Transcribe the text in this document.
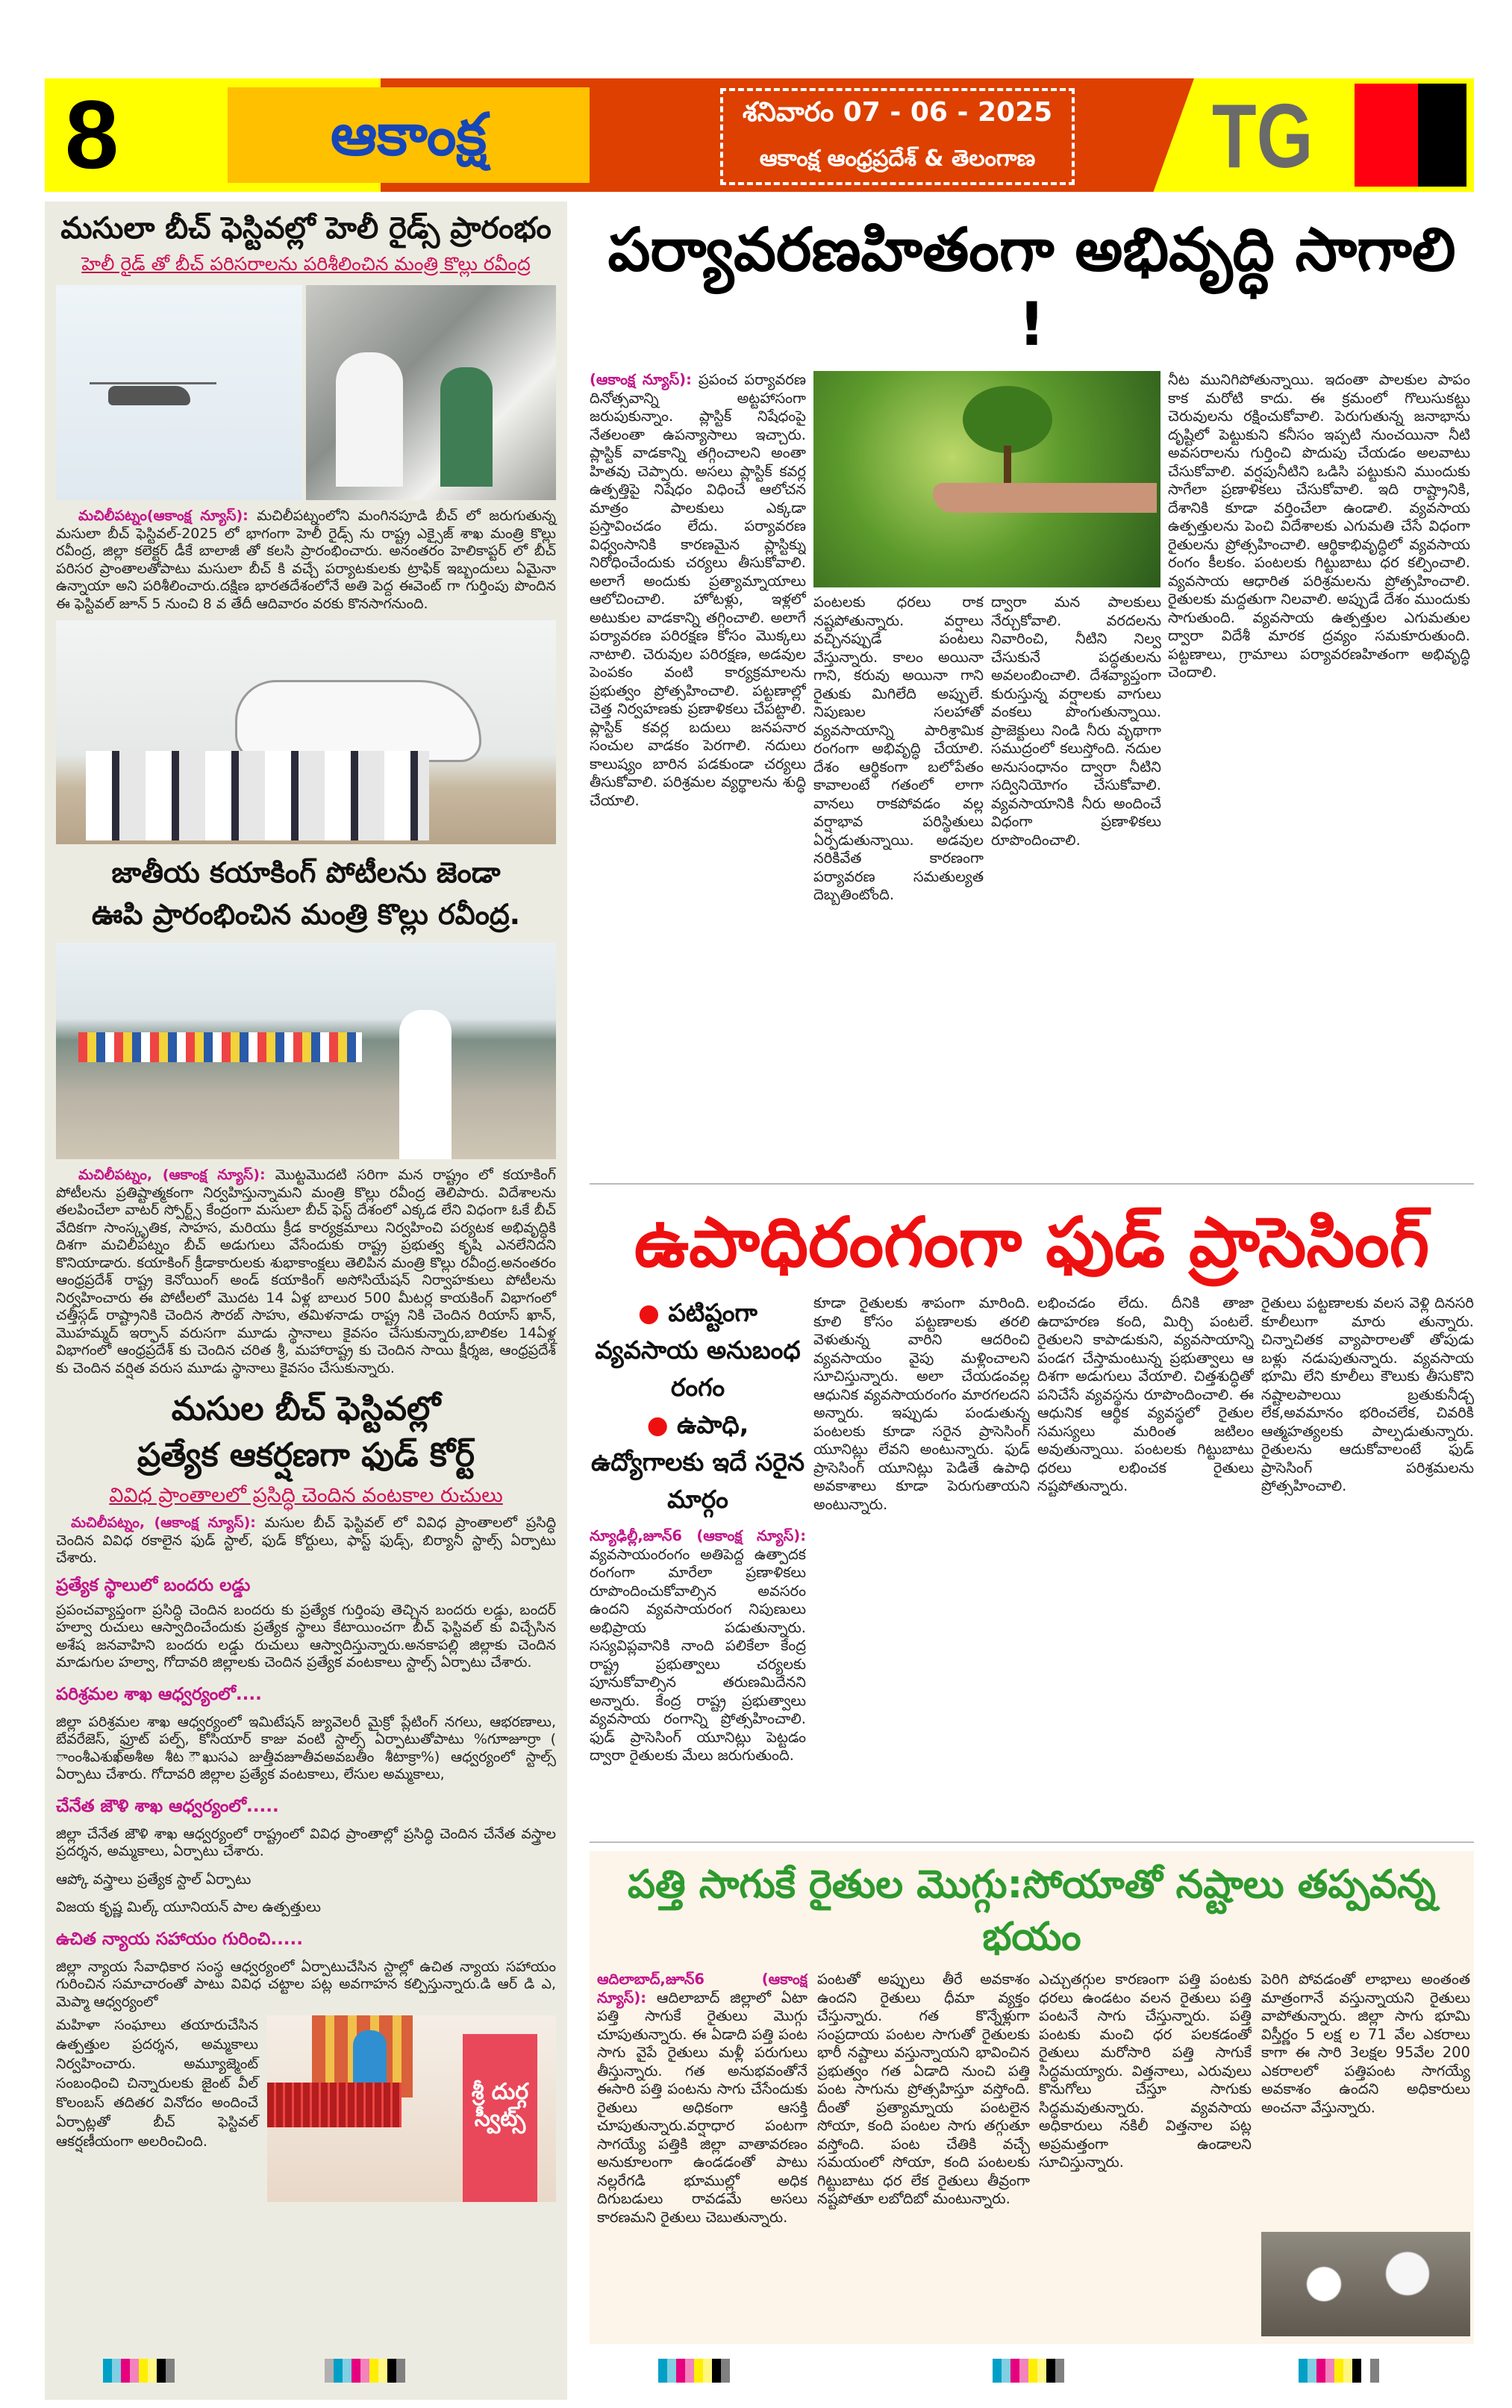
8	ఆకాంక్ష	శనివారం 07 - 06 - 2025
ఆకాంక్ష ఆంధ్రప్రదేశ్ & తెలంగాణ	TG
మసులా బీచ్ ఫెస్టివల్లో హెలీ రైడ్స్ ప్రారంభం
హెలీ రైడ్ తో బీచ్ పరిసరాలను పరిశీలించిన మంత్రి కొల్లు రవీంద్ర

మచిలీపట్నం(ఆకాంక్ష న్యూస్): మచిలీపట్నంలోని మంగినపూడి బీచ్ లో జరుగుతున్న మసులా బీచ్ ఫెస్టివల్-2025 లో భాగంగా హెలీ రైడ్స్ ను రాష్ట్ర ఎక్సైజ్ శాఖ మంత్రి కొల్లు రవీంద్ర, జిల్లా కలెక్టర్ డీకే బాలాజీ తో కలసి ప్రారంభించారు. అనంతరం హెలికాప్టర్ లో బీచ్ పరిసర ప్రాంతాలతోపాటు మసులా బీచ్ కి వచ్చే పర్యాటకులకు ట్రాఫిక్ ఇబ్బందులు ఏమైనా ఉన్నాయా అని పరిశీలించారు.దక్షిణ భారతదేశంలోనే అతి పెద్ద ఈవెంట్ గా గుర్తింపు పొందిన ఈ ఫెస్టివల్ జూన్ 5 నుంచి 8 వ తేదీ ఆదివారం వరకు కొనసాగనుంది.

జాతీయ కయాకింగ్ పోటీలను జెండా
ఊపి ప్రారంభించిన మంత్రి కొల్లు రవీంద్ర.

మచిలీపట్నం, (ఆకాంక్ష న్యూస్): మొట్టమొదటి సరిగా మన రాష్ట్రం లో కయాకింగ్ పోటీలను ప్రతిష్టాత్మకంగా నిర్వహిస్తున్నామని మంత్రి కొల్లు రవీంద్ర తెలిపారు. విదేశాలను తలపించేలా వాటర్ స్పోర్ట్స్ కేంద్రంగా మసులా బీచ్ ఫెస్ట్ దేశంలో ఎక్కడ లేని విధంగా ఓకే బీచ్ వేదికగా సాంస్కృతిక, సాహస, మరియు క్రీడ కార్యక్రమాలు నిర్వహించి పర్యటక అభివృద్ధికి దిశగా మచిలీపట్నం బీచ్ అడుగులు వేసేందుకు రాష్ట్ర ప్రభుత్వ కృషి ఎనలేనిదని కొనియాడారు. కయాకింగ్ క్రీడాకారులకు శుభాకాంక్షలు తెలిపిన మంత్రి కొల్లు రవీంద్ర.అనంతరం ఆంధ్రప్రదేశ్ రాష్ట్ర కెనోయింగ్ అండ్ కయాకింగ్ అసోసియేషన్ నిర్వాహకులు పోటీలను నిర్వహించారు ఈ పోటీలలో మొదట 14 ఏళ్ల బాలుర 500 మీటర్ల కాయకింగ్ విభాగంలో చత్తీస్గడ్ రాష్ట్రానికి చెందిన సౌరబ్ సాహు, తమిళనాడు రాష్ట్ర నికి చెందిన రియాస్ ఖాన్, మొహమ్మద్ ఇర్ఫాన్ వరుసగా మూడు స్థానాలు కైవసం చేసుకున్నారు,బాలికల 14ఏళ్ల విభాగంలో ఆంధ్రప్రదేశ్ కు చెందిన చరిత శ్రీ, మహారాష్ట్ర కు చెందిన సాయి క్షీర్శజ, ఆంధ్రప్రదేశ్ కు చెందిన వర్షిత వరుస మూడు స్థానాలు కైవసం చేసుకున్నారు.

మసుల బీచ్ ఫెస్టివల్లో
ప్రత్యేక ఆకర్షణగా ఫుడ్ కోర్ట్
వివిధ ప్రాంతాలలో ప్రసిద్ధి చెందిన వంటకాల రుచులు

మచిలీపట్నం, (ఆకాంక్ష న్యూస్): మసుల బీచ్ ఫెస్టివల్ లో వివిధ ప్రాంతాలలో ప్రసిద్ధి చెందిన వివిధ రకాలైన ఫుడ్ స్టాల్, ఫుడ్ కోర్టులు, ఫాస్ట్ ఫుడ్స్, బిర్యానీ స్టాల్స్ ఏర్పాటు చేశారు.

ప్రత్యేక స్థాలులో బందరు లడ్డు

ప్రపంచవ్యాప్తంగా ప్రసిద్ధి చెందిన బందరు కు ప్రత్యేక గుర్తింపు తెచ్చిన బందరు లడ్డు, బందర్ హల్వా రుచులు ఆస్వాదించేందుకు ప్రత్యేక స్థాలు కేటాయించగా బీచ్ ఫెస్టివల్ కు విచ్చేసిన అశేష జనవాహిని బందరు లడ్డు రుచులు ఆస్వాదిస్తున్నారు.అనకాపల్లి జిల్లాకు చెందిన మాడుగుల హల్వా, గోదావరి జిల్లాలకు చెందిన ప్రత్యేక వంటకాలు స్టాల్స్ ఏర్పాటు చేశారు.

పరిశ్రమల శాఖ ఆధ్వర్యంలో....

జిల్లా పరిశ్రమల శాఖ ఆధ్వర్యంలో ఇమిటేషన్ జ్యువెలరీ మైక్రో ప్లేటింగ్ నగలు, ఆభరణాలు, బేవరేజెస్, ఫ్రూట్ పల్ప్, కోసియార్ కాజు వంటి స్టాల్స్ ఏర్పాటుతోపాటు %గూాజూర్రా ( ాంంశీఎశుఖ్అశీఅ శీట ౌఖుసఎ జుత్తీవజూతీవఅవబతీం శీటాక్రా%) ఆధ్వర్యంలో స్టాల్స్ ఏర్పాటు చేశారు. గోదావరి జిల్లాల ప్రత్యేక వంటకాలు, లేసుల అమ్మకాలు,

చేనేత జౌళి శాఖ ఆధ్వర్యంలో.....

జిల్లా చేనేత జౌళి శాఖ ఆధ్వర్యంలో రాష్ట్రంలో వివిధ ప్రాంతాల్లో ప్రసిద్ధి చెందిన చేనేత వస్త్రాల ప్రదర్శన, అమ్మకాలు, ఏర్పాటు చేశారు.

ఆప్కో వస్త్రాలు ప్రత్యేక స్టాల్ ఏర్పాటు

విజయ కృష్ణ మిల్క్ యూనియన్ పాల ఉత్పత్తులు

ఉచిత న్యాయ సహాయం గురించి.....

జిల్లా న్యాయ సేవాధికార సంస్థ ఆధ్వర్యంలో ఏర్పాటుచేసిన స్టాల్లో ఉచిత న్యాయ సహాయం గురించిన సమాచారంతో పాటు వివిధ చట్టాల పట్ల అవగాహన కల్పిస్తున్నారు.డి ఆర్ డి ఎ, మెప్మా ఆధ్వర్యంలో

శ్రీ దుర్గ స్వీట్స్

మహిళా సంఘాలు తయారుచేసిన ఉత్పత్తుల ప్రదర్శన, అమ్మకాలు నిర్వహించారు. అమ్యూజ్మెంట్ సంబంధించి చిన్నారులకు జైంట్ వీల్ కొలంబస్ తదితర వినోదం అందించే ఏర్పాట్లతో బీచ్ ఫెస్టివల్ ఆకర్షణీయంగా అలరించింది.

పర్యావరణహితంగా అభివృద్ధి సాగాలి !
(ఆకాంక్ష న్యూస్): ప్రపంచ పర్యావరణ దినోత్సవాన్ని అట్టహాసంగా జరుపుకున్నాం. ప్లాస్టిక్ నిషేధంపై నేతలంతా ఉపన్యాసాలు ఇచ్చారు. ప్లాస్టిక్ వాడకాన్ని తగ్గించాలని అంతా హితవు చెప్పారు. అసలు ప్లాస్టిక్ కవర్ల ఉత్పత్తిపై నిషేధం విధించే ఆలోచన మాత్రం పాలకులు ఎక్కడా ప్రస్తావించడం లేదు. పర్యావరణ విధ్వంసానికి కారణమైన ప్లాస్టిక్ను నిరోధించేందుకు చర్యలు తీసుకోవాలి. అలాగే అందుకు ప్రత్యామ్నాయాలు ఆలోచించాలి. హోటళ్లు, ఇళ్లలో అటుకుల వాడకాన్ని తగ్గించాలి. అలాగే పర్యావరణ పరిరక్షణ కోసం మొక్కలు నాటాలి. చెరువుల పరిరక్షణ, అడవుల పెంపకం వంటి కార్యక్రమాలను ప్రభుత్వం ప్రోత్సహించాలి. పట్టణాల్లో చెత్త నిర్వహణకు ప్రణాళికలు చేపట్టాలి. ప్లాస్టిక్ కవర్ల బదులు జనపనార సంచుల వాడకం పెరగాలి. నదులు కాలుష్యం బారిన పడకుండా చర్యలు తీసుకోవాలి. పరిశ్రమల వ్యర్థాలను శుద్ధి చేయాలి.
పంటలకు ధరలు రాక నష్టపోతున్నారు. వర్షాలు వచ్చినప్పుడే పంటలు వేస్తున్నారు. కాలం అయినా గాని, కరువు అయినా గాని రైతుకు మిగిలేది అప్పులే. నిపుణుల సలహాతో వ్యవసాయాన్ని పారిశ్రామిక రంగంగా అభివృద్ధి చేయాలి. దేశం ఆర్థికంగా బలోపేతం కావాలంటే గతంలో లాగా వానలు రాకపోవడం వల్ల వర్షాభావ పరిస్థితులు ఏర్పడుతున్నాయి. అడవుల నరికివేత కారణంగా పర్యావరణ సమతుల్యత దెబ్బతింటోంది.
ద్వారా మన పాలకులు నేర్చుకోవాలి. వరదలను నివారించి, నీటిని నిల్వ చేసుకునే పద్ధతులను అవలంబించాలి. దేశవ్యాప్తంగా కురుస్తున్న వర్షాలకు వాగులు వంకలు పొంగుతున్నాయి. ప్రాజెక్టులు నిండి నీరు వృథాగా సముద్రంలో కలుస్తోంది. నదుల అనుసంధానం ద్వారా నీటిని సద్వినియోగం చేసుకోవాలి. వ్యవసాయానికి నీరు అందించే విధంగా ప్రణాళికలు రూపొందించాలి.
నీట మునిగిపోతున్నాయి. ఇదంతా పాలకుల పాపం కాక మరోటి కాదు. ఈ క్రమంలో గొలుసుకట్టు చెరువులను రక్షించుకోవాలి. పెరుగుతున్న జనాభాను దృష్టిలో పెట్టుకుని కనీసం ఇప్పటి నుంచయినా నీటి అవసరాలను గుర్తించి పొదుపు చేయడం అలవాటు చేసుకోవాలి. వర్షపునీటిని ఒడిసి పట్టుకుని ముందుకు సాగేలా ప్రణాళికలు చేసుకోవాలి. ఇది రాష్ట్రానికి, దేశానికి కూడా వర్తించేలా ఉండాలి. వ్యవసాయ ఉత్పత్తులను పెంచి విదేశాలకు ఎగుమతి చేసే విధంగా రైతులను ప్రోత్సహించాలి. ఆర్థికాభివృద్ధిలో వ్యవసాయ రంగం కీలకం. పంటలకు గిట్టుబాటు ధర కల్పించాలి. వ్యవసాయ ఆధారిత పరిశ్రమలను ప్రోత్సహించాలి. రైతులకు మద్దతుగా నిలవాలి. అప్పుడే దేశం ముందుకు సాగుతుంది. వ్యవసాయ ఉత్పత్తుల ఎగుమతుల ద్వారా విదేశీ మారక ద్రవ్యం సమకూరుతుంది. పట్టణాలు, గ్రామాలు పర్యావరణహితంగా అభివృద్ధి చెందాలి.
ఉపాధిరంగంగా ఫుడ్ ప్రాసెసింగ్
● పటిష్టంగా వ్యవసాయ అనుబంధ రంగం
● ఉపాధి, ఉద్యోగాలకు ఇదే సరైన మార్గం
న్యూఢిల్లీ,జూన్6 (ఆకాంక్ష న్యూస్): వ్యవసాయంరంగం అతిపెద్ద ఉత్పాదక రంగంగా మారేలా ప్రణాళికలు రూపొందించుకోవాల్సిన అవసరం ఉందని వ్యవసాయరంగ నిపుణులు అభిప్రాయ పడుతున్నారు. సస్యవిప్లవానికి నాంది పలికేలా కేంద్ర రాష్ట్ర ప్రభుత్వాలు చర్యలకు పూనుకోవాల్సిన తరుణమిదేనని అన్నారు. కేంద్ర రాష్ట్ర ప్రభుత్వాలు వ్యవసాయ రంగాన్ని ప్రోత్సహించాలి. ఫుడ్ ప్రాసెసింగ్ యూనిట్లు పెట్టడం ద్వారా రైతులకు మేలు జరుగుతుంది.
కూడా రైతులకు శాపంగా మారింది. కూలి కోసం పట్టణాలకు తరలి వెళుతున్న వారిని ఆదరించి వ్యవసాయం వైపు మళ్లించాలని సూచిస్తున్నారు. అలా చేయడంవల్ల ఆధునిక వ్యవసాయరంగం మారగలదని అన్నారు. ఇప్పుడు పండుతున్న పంటలకు కూడా సరైన ప్రాసెసింగ్ యూనిట్లు లేవని అంటున్నారు. ఫుడ్ ప్రాసెసింగ్ యూనిట్లు పెడితే ఉపాధి అవకాశాలు కూడా పెరుగుతాయని అంటున్నారు.
లభించడం లేదు. దీనికి తాజా ఉదాహరణ కంది, మిర్చి పంటలే. రైతులని కాపాడుకుని, వ్యవసాయాన్ని పండగ చేస్తామంటున్న ప్రభుత్వాలు ఆ దిశగా అడుగులు వేయాలి. చిత్తశుద్ధితో పనిచేసే వ్యవస్థను రూపొందించాలి. ఈ ఆధునిక ఆర్థిక వ్యవస్థలో రైతుల సమస్యలు మరింత జటిలం అవుతున్నాయి. పంటలకు గిట్టుబాటు ధరలు లభించక రైతులు నష్టపోతున్నారు.
రైతులు పట్టణాలకు వలస వెళ్లి దినసరి కూలీలుగా మారు తున్నారు. చిన్నాచితక వ్యాపారాలతో తోపుడు బళ్లు నడుపుతున్నారు. వ్యవసాయ భూమి లేని కూలీలు కౌలుకు తీసుకొని నష్టాలపాలయి బ్రతుకునీడ్చ లేక,అవమానం భరించలేక, చివరికి ఆత్మహత్యలకు పాల్పడుతున్నారు. రైతులను ఆదుకోవాలంటే ఫుడ్ ప్రాసెసింగ్ పరిశ్రమలను ప్రోత్సహించాలి.
పత్తి సాగుకే రైతుల మొగ్గు:సోయాతో నష్టాలు తప్పవన్న భయం
ఆదిలాబాద్,జూన్6 (ఆకాంక్ష న్యూస్): ఆదిలాబాద్ జిల్లాలో ఏటా పత్తి సాగుకే రైతులు మొగ్గు చూపుతున్నారు. ఈ ఏడాది పత్తి పంట సాగు వైపే రైతులు మళ్లీ పరుగులు తీస్తున్నారు. గత అనుభవంతోనే ఈసారి పత్తి పంటను సాగు చేసేందుకు రైతులు అధికంగా ఆసక్తి చూపుతున్నారు.వర్షాధార పంటగా సాగయ్యే పత్తికి జిల్లా వాతావరణం అనుకూలంగా ఉండడంతో పాటు నల్లరేగడి భూముల్లో అధిక దిగుబడులు రావడమే అసలు కారణమని రైతులు చెబుతున్నారు.
పంటతో అప్పులు తీరే అవకాశం ఉందని రైతులు ధీమా వ్యక్తం చేస్తున్నారు. గత కొన్నేళ్లుగా సంప్రదాయ పంటల సాగుతో రైతులకు భారీ నష్టాలు వస్తున్నాయని భావించిన ప్రభుత్వం గత ఏడాది నుంచి పత్తి పంట సాగును ప్రోత్సహిస్తూ వస్తోంది. దీంతో ప్రత్యామ్నాయ పంటలైన సోయా, కంది పంటల సాగు తగ్గుతూ వస్తోంది. పంట చేతికి వచ్చే సమయంలో సోయా, కంది పంటలకు గిట్టుబాటు ధర లేక రైతులు తీవ్రంగా నష్టపోతూ లబోదిబో మంటున్నారు.
ఎచ్చుతగ్గుల కారణంగా పత్తి పంటకు ధరలు ఉండటం వలన రైతులు పత్తి పంటనే సాగు చేస్తున్నారు. పత్తి పంటకు మంచి ధర పలకడంతో రైతులు మరోసారి పత్తి సాగుకే సిద్ధమయ్యారు. విత్తనాలు, ఎరువులు కొనుగోలు చేస్తూ సాగుకు సిద్ధమవుతున్నారు. వ్యవసాయ అధికారులు నకిలీ విత్తనాల పట్ల అప్రమత్తంగా ఉండాలని సూచిస్తున్నారు.
పెరిగి పోవడంతో లాభాలు అంతంత మాత్రంగానే వస్తున్నాయని రైతులు వాపోతున్నారు. జిల్లా సాగు భూమి విస్తీర్ణం 5 లక్ష ల 71 వేల ఎకరాలు కాగా ఈ సారి 3లక్షల 95వేల 200 ఎకరాలలో పత్తిపంట సాగయ్యే అవకాశం ఉందని అధికారులు అంచనా వేస్తున్నారు.
